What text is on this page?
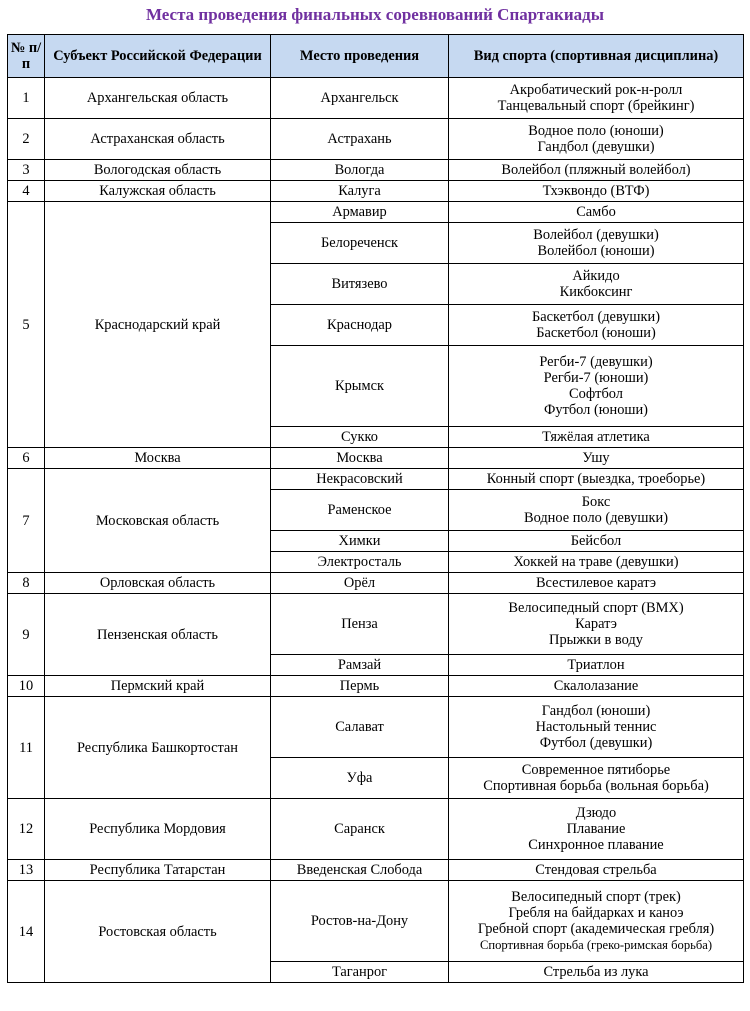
Места проведения финальных соревнований Спартакиады
№ п/п	Субъект Российской Федерации	Место проведения	Вид спорта (спортивная дисциплина)
1	Архангельская область	Архангельск	Акробатический рок-н-ролл
Танцевальный спорт (брейкинг)

2	Астраханская область	Астрахань	Водное поло (юноши)
Гандбол (девушки)

3	Вологодская область	Вологда	Волейбол (пляжный волейбол)

4	Калужская область	Калуга	Тхэквондо (ВТФ)

5	Краснодарский край	Армавир	Самбо

		Белореченск	Волейбол (девушки)
Волейбол (юноши)

		Витязево	Айкидо
Кикбоксинг

		Краснодар	Баскетбол (девушки)
Баскетбол (юноши)

		Крымск	Регби-7 (девушки)
Регби-7 (юноши)
Софтбол
Футбол (юноши)

		Сукко	Тяжёлая атлетика

6	Москва	Москва	Ушу

7	Московская область	Некрасовский	Конный спорт (выездка, троеборье)

		Раменское	Бокс
Водное поло (девушки)

		Химки	Бейсбол

		Электросталь	Хоккей на траве (девушки)

8	Орловская область	Орёл	Всестилевое каратэ

9	Пензенская область	Пенза	Велосипедный спорт (BMX)
Каратэ
Прыжки в воду

		Рамзай	Триатлон

10	Пермский край	Пермь	Скалолазание

11	Республика Башкортостан	Салават	Гандбол (юноши)
Настольный теннис
Футбол (девушки)

		Уфа	Современное пятиборье
Спортивная борьба (вольная борьба)

12	Республика Мордовия	Саранск	Дзюдо
Плавание
Синхронное плавание

13	Республика Татарстан	Введенская Слобода	Стендовая стрельба

14	Ростовская область	Ростов-на-Дону	Велосипедный спорт (трек)
Гребля на байдарках и каноэ
Гребной спорт (академическая гребля)
Спортивная борьба (греко-римская борьба)

		Таганрог	Стрельба из лука
